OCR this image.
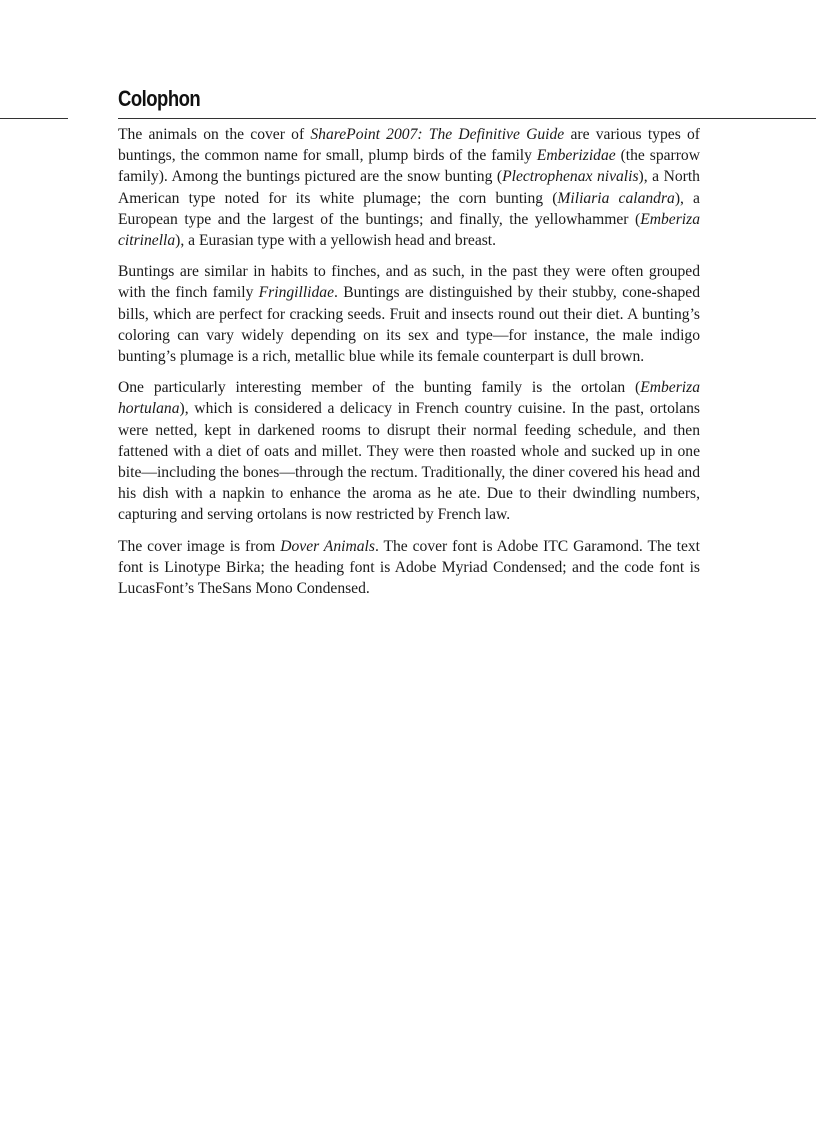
Colophon

The animals on the cover of SharePoint 2007: The Definitive Guide are various types of buntings, the common name for small, plump birds of the family Emberizidae (the sparrow family). Among the buntings pictured are the snow bunting (Plectrophenax nivalis), a North American type noted for its white plumage; the corn bunting (Miliaria calandra), a European type and the largest of the buntings; and finally, the yellowhammer (Emberiza citrinella), a Eurasian type with a yellowish head and breast.

Buntings are similar in habits to finches, and as such, in the past they were often grouped with the finch family Fringillidae. Buntings are distinguished by their stubby, cone-shaped bills, which are perfect for cracking seeds. Fruit and insects round out their diet. A bunting’s coloring can vary widely depending on its sex and type—for instance, the male indigo bunting’s plumage is a rich, metallic blue while its female counterpart is dull brown.

One particularly interesting member of the bunting family is the ortolan (Emberiza hortulana), which is considered a delicacy in French country cuisine. In the past, ortolans were netted, kept in darkened rooms to disrupt their normal feeding schedule, and then fattened with a diet of oats and millet. They were then roasted whole and sucked up in one bite—including the bones—through the rectum. Traditionally, the diner covered his head and his dish with a napkin to enhance the aroma as he ate. Due to their dwindling numbers, capturing and serving ortolans is now restricted by French law.

The cover image is from Dover Animals. The cover font is Adobe ITC Garamond. The text font is Linotype Birka; the heading font is Adobe Myriad Condensed; and the code font is LucasFont’s TheSans Mono Condensed.
